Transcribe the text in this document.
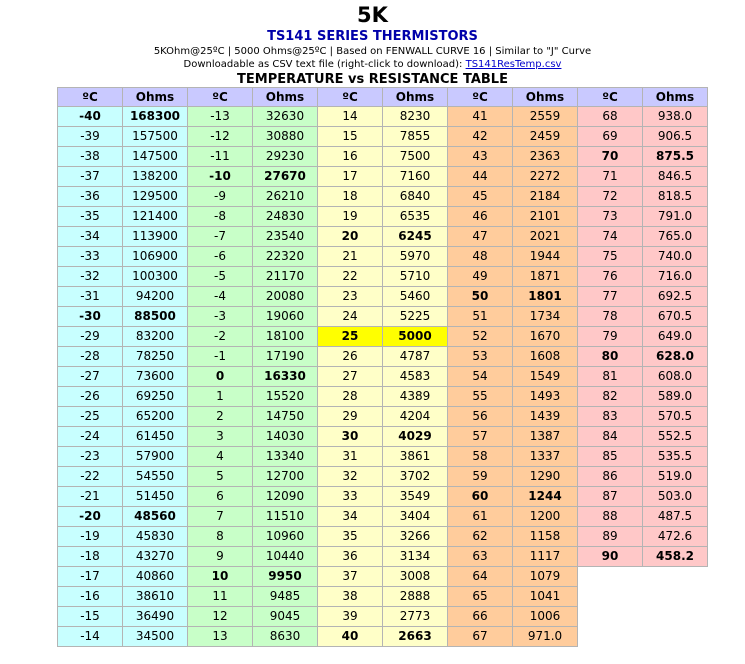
5K
TS141 SERIES THERMISTORS
5KOhm@25ºC | 5000 Ohms@25ºC | Based on FENWALL CURVE 16 | Similar to "J" Curve
Downloadable as CSV text file (right-click to download): TS141ResTemp.csv
TEMPERATURE vs RESISTANCE TABLE
ºC	Ohms	ºC	Ohms	ºC	Ohms	ºC	Ohms	ºC	Ohms
-40	168300	-13	32630	14	8230	41	2559	68	938.0
-39	157500	-12	30880	15	7855	42	2459	69	906.5
-38	147500	-11	29230	16	7500	43	2363	70	875.5
-37	138200	-10	27670	17	7160	44	2272	71	846.5
-36	129500	-9	26210	18	6840	45	2184	72	818.5
-35	121400	-8	24830	19	6535	46	2101	73	791.0
-34	113900	-7	23540	20	6245	47	2021	74	765.0
-33	106900	-6	22320	21	5970	48	1944	75	740.0
-32	100300	-5	21170	22	5710	49	1871	76	716.0
-31	94200	-4	20080	23	5460	50	1801	77	692.5
-30	88500	-3	19060	24	5225	51	1734	78	670.5
-29	83200	-2	18100	25	5000	52	1670	79	649.0
-28	78250	-1	17190	26	4787	53	1608	80	628.0
-27	73600	0	16330	27	4583	54	1549	81	608.0
-26	69250	1	15520	28	4389	55	1493	82	589.0
-25	65200	2	14750	29	4204	56	1439	83	570.5
-24	61450	3	14030	30	4029	57	1387	84	552.5
-23	57900	4	13340	31	3861	58	1337	85	535.5
-22	54550	5	12700	32	3702	59	1290	86	519.0
-21	51450	6	12090	33	3549	60	1244	87	503.0
-20	48560	7	11510	34	3404	61	1200	88	487.5
-19	45830	8	10960	35	3266	62	1158	89	472.6
-18	43270	9	10440	36	3134	63	1117	90	458.2
-17	40860	10	9950	37	3008	64	1079		
-16	38610	11	9485	38	2888	65	1041		
-15	36490	12	9045	39	2773	66	1006		
-14	34500	13	8630	40	2663	67	971.0		
